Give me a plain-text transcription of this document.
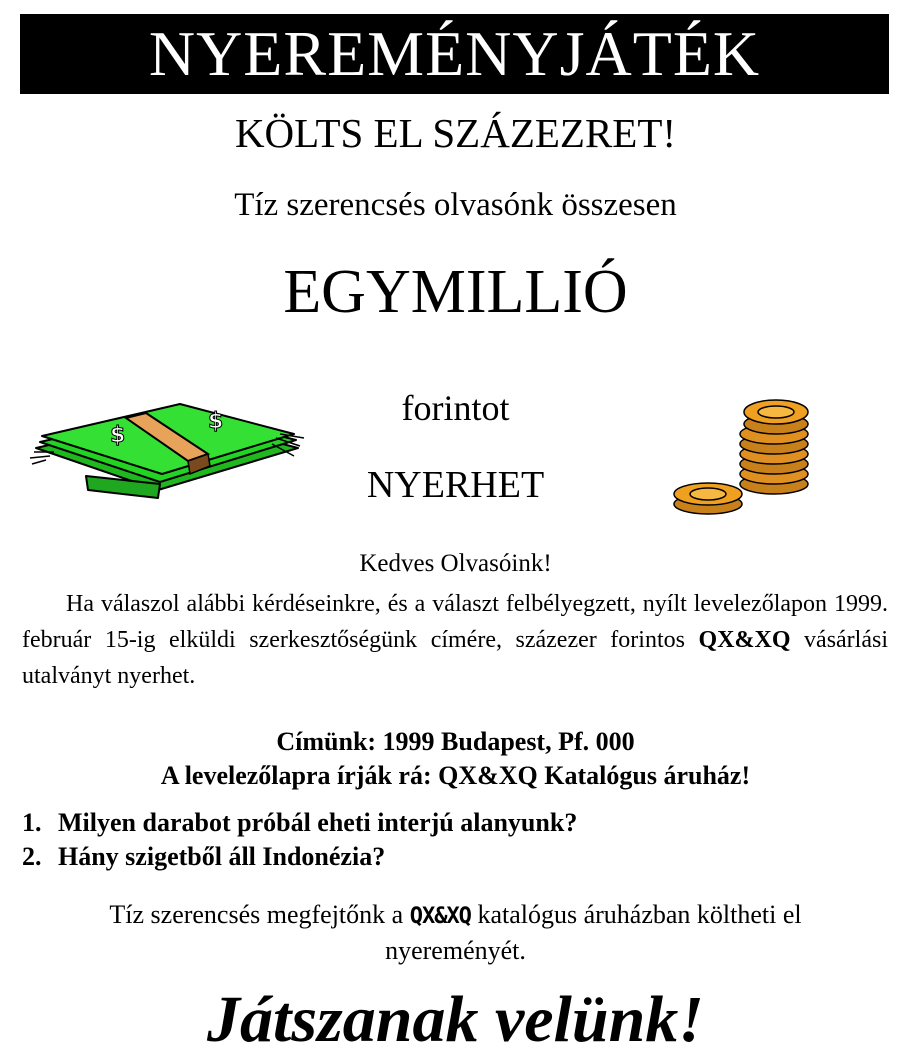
NYEREMÉNYJÁTÉK
KÖLTS EL SZÁZEZRET!
Tíz szerencsés olvasónk összesen
EGYMILLIÓ
forintot
NYERHET
$
$
Kedves Olvasóink!
Ha válaszol alábbi kérdéseinkre, és a választ felbélyegzett, nyílt levelezőlapon 1999. február 15-ig elküldi szerkesztőségünk címére, százezer forintos QX&XQ vásárlási utalványt nyerhet.
Címünk: 1999 Budapest, Pf. 000
A levelezőlapra írják rá: QX&XQ Katalógus áruház!
1. Milyen darabot próbál eheti interjú alanyunk?
2. Hány szigetből áll Indonézia?
Tíz szerencsés megfejtőnk a QX&XQ katalógus áruházban költheti el nyereményét.
Játszanak velünk!
